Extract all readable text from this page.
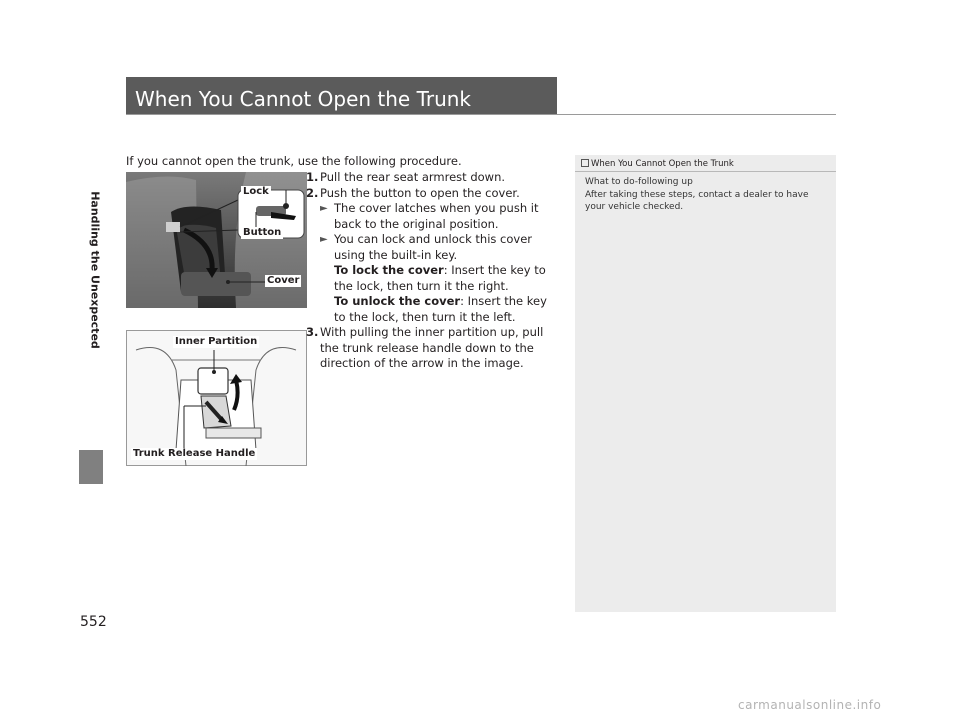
Handling the Unexpected
When You Cannot Open the Trunk
If you cannot open the trunk, use the following procedure.
Lock
Button
Cover
Inner Partition
Trunk Release Handle
1. Pull the rear seat armrest down.
2. Push the button to open the cover.
► The cover latches when you push it back to the original position.
► You can lock and unlock this cover using the built-in key.
To lock the cover: Insert the key to the lock, then turn it the right.
To unlock the cover: Insert the key to the lock, then turn it the left.
3. With pulling the inner partition up, pull the trunk release handle down to the direction of the arrow in the image.
When You Cannot Open the Trunk
What to do-following up
After taking these steps, contact a dealer to have your vehicle checked.
552
carmanualsonline.info
